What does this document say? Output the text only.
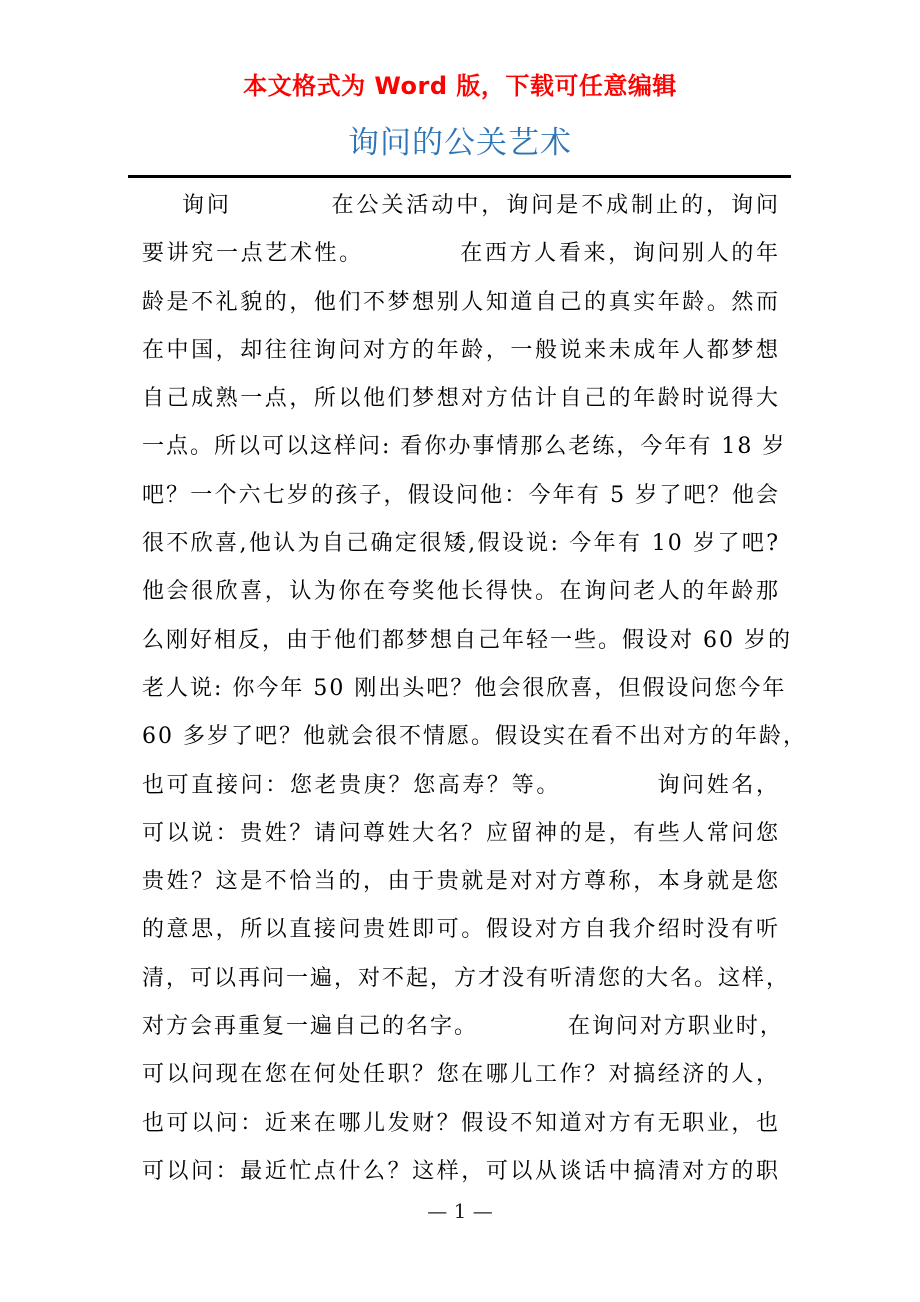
本文格式为 Word 版，下载可任意编辑
询问的公关艺术
询问          在公关活动中，询问是不成制止的，询问
要讲究一点艺术性。          在西方人看来，询问别人的年
龄是不礼貌的，他们不梦想别人知道自己的真实年龄。然而
在中国，却往往询问对方的年龄，一般说来未成年人都梦想
自己成熟一点，所以他们梦想对方估计自己的年龄时说得大
一点。所以可以这样问: 看你办事情那么老练，今年有 18 岁
吧？一个六七岁的孩子，假设问他：今年有 5 岁了吧？他会
很不欣喜,他认为自己确定很矮,假设说: 今年有 10 岁了吧?
他会很欣喜，认为你在夸奖他长得快。在询问老人的年龄那
么刚好相反，由于他们都梦想自己年轻一些。假设对 60 岁的
老人说: 你今年 50 刚出头吧？他会很欣喜，但假设问您今年
60 多岁了吧？他就会很不情愿。假设实在看不出对方的年龄，
也可直接问：您老贵庚？您高寿？等。          询问姓名，
可以说：贵姓？请问尊姓大名？应留神的是，有些人常问您
贵姓？这是不恰当的，由于贵就是对对方尊称，本身就是您
的意思，所以直接问贵姓即可。假设对方自我介绍时没有听
清，可以再问一遍，对不起，方才没有听清您的大名。这样，
对方会再重复一遍自己的名字。          在询问对方职业时，
可以问现在您在何处任职？您在哪儿工作？对搞经济的人，
也可以问：近来在哪儿发财？假设不知道对方有无职业，也
可以问：最近忙点什么？这样，可以从谈话中搞清对方的职
— 1 —
